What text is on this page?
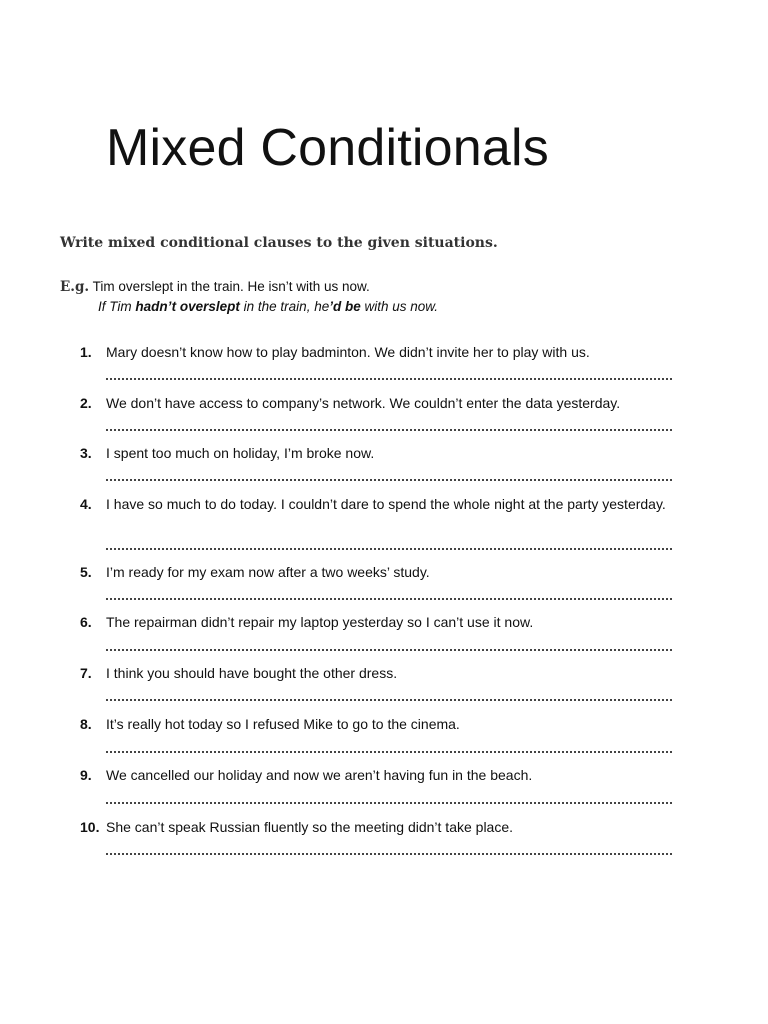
Mixed Conditionals
Write mixed conditional clauses to the given situations.
E.g. Tim overslept in the train. He isn’t with us now.
If Tim hadn’t overslept in the train, he’d be with us now.
1. Mary doesn’t know how to play badminton. We didn’t invite her to play with us.
2. We don’t have access to company’s network. We couldn’t enter the data yesterday.
3. I spent too much on holiday, I’m broke now.
4. I have so much to do today. I couldn’t dare to spend the whole night at the party yesterday.
5. I’m ready for my exam now after a two weeks’ study.
6. The repairman didn’t repair my laptop yesterday so I can’t use it now.
7. I think you should have bought the other dress.
8. It’s really hot today so I refused Mike to go to the cinema.
9. We cancelled our holiday and now we aren’t having fun in the beach.
10. She can’t speak Russian fluently so the meeting didn’t take place.
